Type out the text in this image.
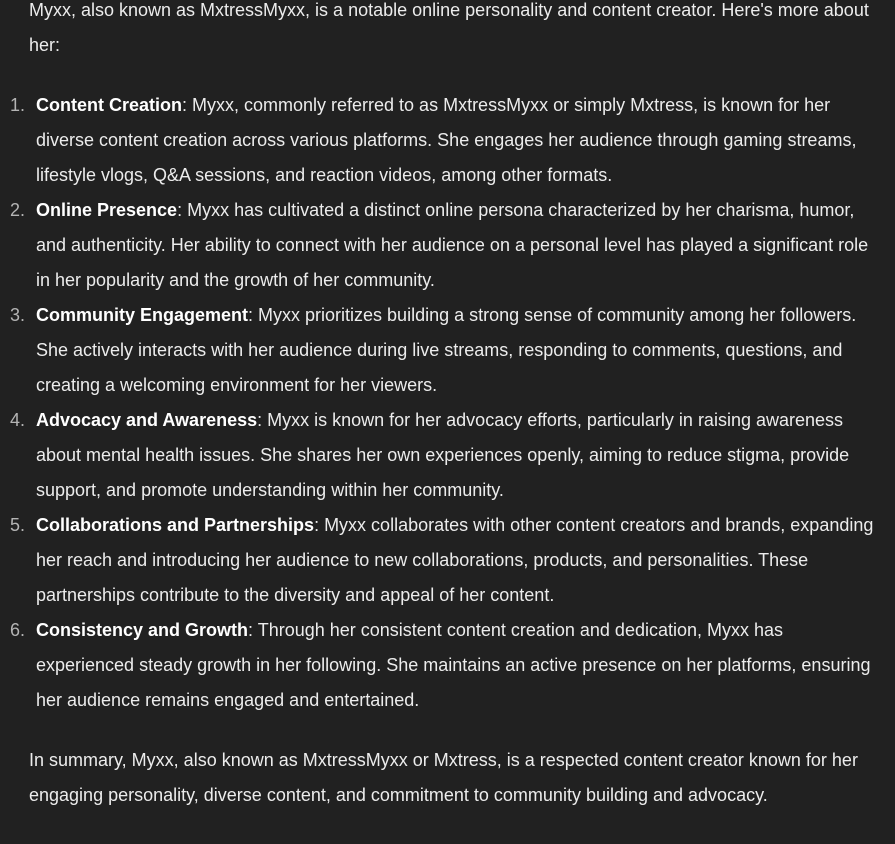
Myxx, also known as MxtressMyxx, is a notable online personality and content creator. Here's more about her:

1. Content Creation: Myxx, commonly referred to as MxtressMyxx or simply Mxtress, is known for her diverse content creation across various platforms. She engages her audience through gaming streams, lifestyle vlogs, Q&A sessions, and reaction videos, among other formats.
2. Online Presence: Myxx has cultivated a distinct online persona characterized by her charisma, humor, and authenticity. Her ability to connect with her audience on a personal level has played a significant role in her popularity and the growth of her community.
3. Community Engagement: Myxx prioritizes building a strong sense of community among her followers. She actively interacts with her audience during live streams, responding to comments, questions, and creating a welcoming environment for her viewers.
4. Advocacy and Awareness: Myxx is known for her advocacy efforts, particularly in raising awareness about mental health issues. She shares her own experiences openly, aiming to reduce stigma, provide support, and promote understanding within her community.
5. Collaborations and Partnerships: Myxx collaborates with other content creators and brands, expanding her reach and introducing her audience to new collaborations, products, and personalities. These partnerships contribute to the diversity and appeal of her content.
6. Consistency and Growth: Through her consistent content creation and dedication, Myxx has experienced steady growth in her following. She maintains an active presence on her platforms, ensuring her audience remains engaged and entertained.

In summary, Myxx, also known as MxtressMyxx or Mxtress, is a respected content creator known for her engaging personality, diverse content, and commitment to community building and advocacy.
